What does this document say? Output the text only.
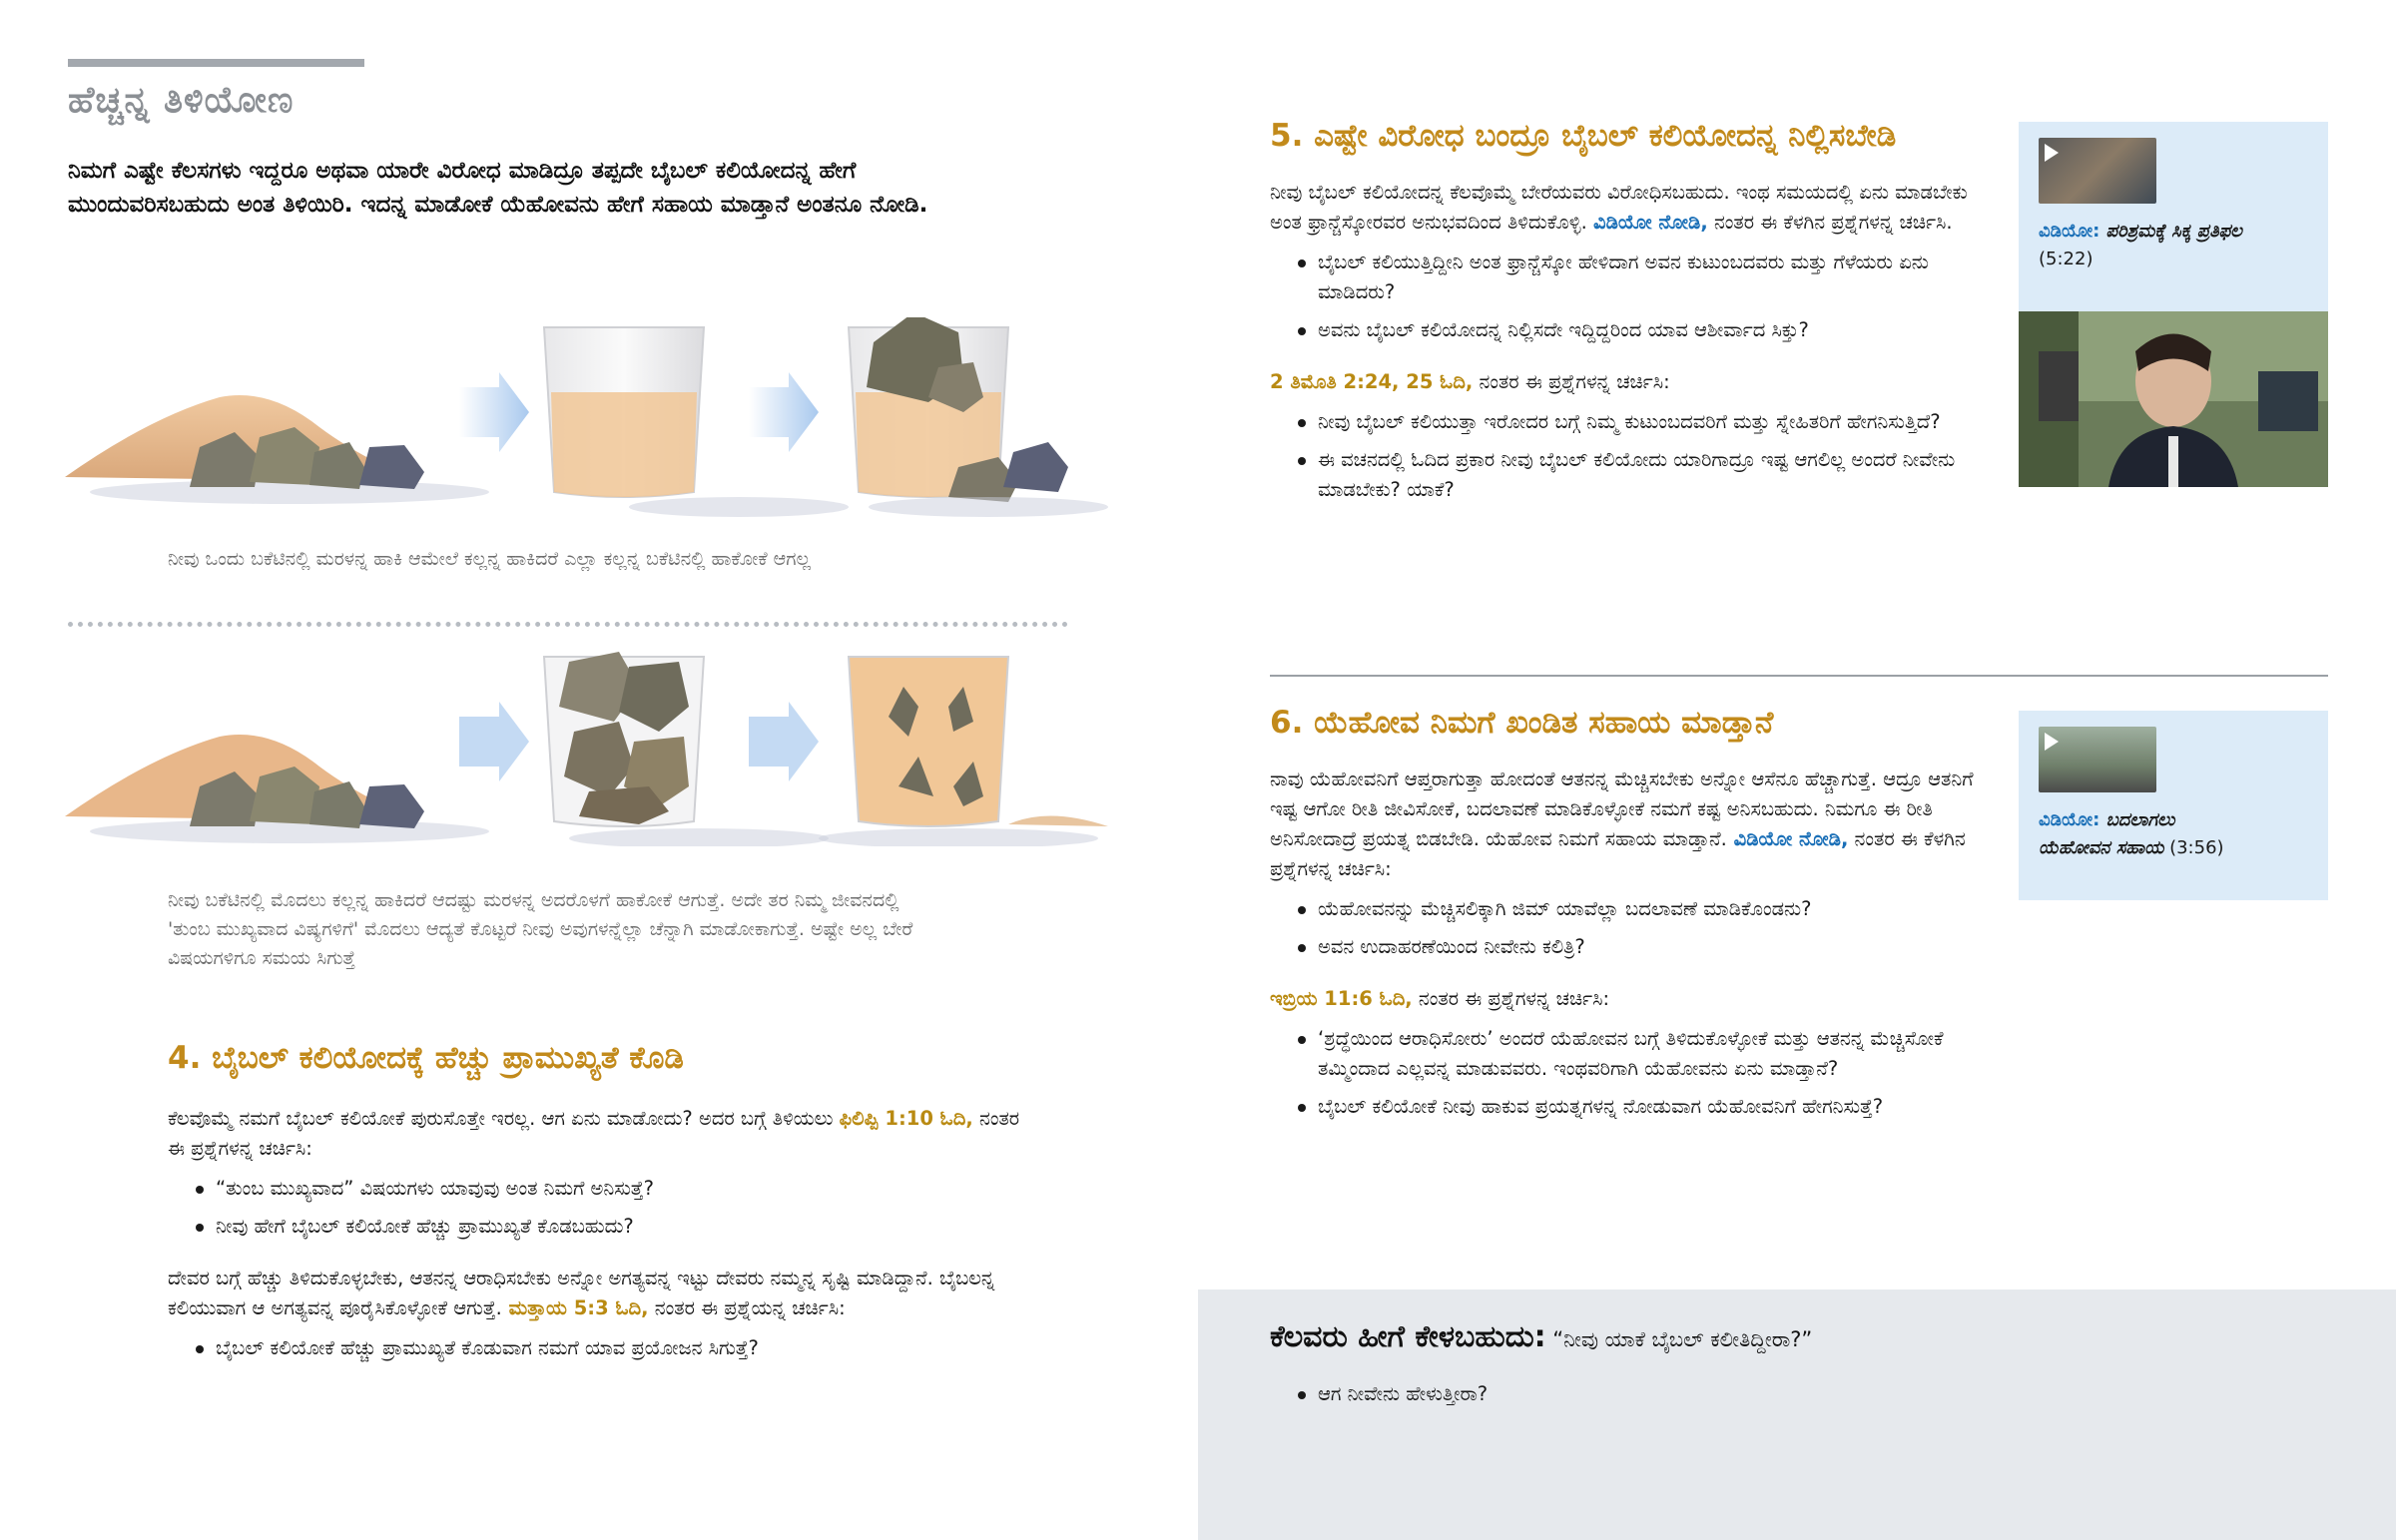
ಹೆಚ್ಚನ್ನ ತಿಳಿಯೋಣ
ನಿಮಗೆ ಎಷ್ಟೇ ಕೆಲಸಗಳು ಇದ್ದರೂ ಅಥವಾ ಯಾರೇ ವಿರೋಧ ಮಾಡಿದ್ರೂ ತಪ್ಪದೇ ಬೈಬಲ್ ಕಲಿಯೋದನ್ನ ಹೇಗೆ ಮುಂದುವರಿಸಬಹುದು ಅಂತ ತಿಳಿಯಿರಿ. ಇದನ್ನ ಮಾಡೋಕೆ ಯೆಹೋವನು ಹೇಗೆ ಸಹಾಯ ಮಾಡ್ತಾನೆ ಅಂತನೂ ನೋಡಿ.
ನೀವು ಒಂದು ಬಕೆಟಿನಲ್ಲಿ ಮರಳನ್ನ ಹಾಕಿ ಆಮೇಲೆ ಕಲ್ಲನ್ನ ಹಾಕಿದರೆ ಎಲ್ಲಾ ಕಲ್ಲನ್ನ ಬಕೆಟಿನಲ್ಲಿ ಹಾಕೋಕೆ ಆಗಲ್ಲ
ನೀವು ಬಕೆಟಿನಲ್ಲಿ ಮೊದಲು ಕಲ್ಲನ್ನ ಹಾಕಿದರೆ ಆದಷ್ಟು ಮರಳನ್ನ ಅದರೊಳಗೆ ಹಾಕೋಕೆ ಆಗುತ್ತೆ. ಅದೇ ತರ ನಿಮ್ಮ ಜೀವನದಲ್ಲಿ 'ತುಂಬ ಮುಖ್ಯವಾದ ವಿಷ್ಯಗಳಿಗೆ' ಮೊದಲು ಆದ್ಯತೆ ಕೊಟ್ಟರೆ ನೀವು ಅವುಗಳನ್ನೆಲ್ಲಾ ಚೆನ್ನಾಗಿ ಮಾಡೋಕಾಗುತ್ತೆ. ಅಷ್ಟೇ ಅಲ್ಲ ಬೇರೆ ವಿಷಯಗಳಿಗೂ ಸಮಯ ಸಿಗುತ್ತೆ
4. ಬೈಬಲ್ ಕಲಿಯೋದಕ್ಕೆ ಹೆಚ್ಚು ಪ್ರಾಮುಖ್ಯತೆ ಕೊಡಿ
ಕೆಲವೊಮ್ಮೆ ನಮಗೆ ಬೈಬಲ್ ಕಲಿಯೋಕೆ ಪುರುಸೊತ್ತೇ ಇರಲ್ಲ. ಆಗ ಏನು ಮಾಡೋದು? ಅದರ ಬಗ್ಗೆ ತಿಳಿಯಲು ಫಿಲಿಪ್ಪಿ 1:10 ಓದಿ, ನಂತರ ಈ ಪ್ರಶ್ನೆಗಳನ್ನ ಚರ್ಚಿಸಿ:
“ತುಂಬ ಮುಖ್ಯವಾದ” ವಿಷಯಗಳು ಯಾವುವು ಅಂತ ನಿಮಗೆ ಅನಿಸುತ್ತೆ?
ನೀವು ಹೇಗೆ ಬೈಬಲ್ ಕಲಿಯೋಕೆ ಹೆಚ್ಚು ಪ್ರಾಮುಖ್ಯತೆ ಕೊಡಬಹುದು?
ದೇವರ ಬಗ್ಗೆ ಹೆಚ್ಚು ತಿಳಿದುಕೊಳ್ಳಬೇಕು, ಆತನನ್ನ ಆರಾಧಿಸಬೇಕು ಅನ್ನೋ ಅಗತ್ಯವನ್ನ ಇಟ್ಟು ದೇವರು ನಮ್ಮನ್ನ ಸೃಷ್ಟಿ ಮಾಡಿದ್ದಾನೆ. ಬೈಬಲನ್ನ ಕಲಿಯುವಾಗ ಆ ಅಗತ್ಯವನ್ನ ಪೂರೈಸಿಕೊಳ್ಳೋಕೆ ಆಗುತ್ತೆ. ಮತ್ತಾಯ 5:3 ಓದಿ, ನಂತರ ಈ ಪ್ರಶ್ನೆಯನ್ನ ಚರ್ಚಿಸಿ:
ಬೈಬಲ್ ಕಲಿಯೋಕೆ ಹೆಚ್ಚು ಪ್ರಾಮುಖ್ಯತೆ ಕೊಡುವಾಗ ನಮಗೆ ಯಾವ ಪ್ರಯೋಜನ ಸಿಗುತ್ತೆ?
5. ಎಷ್ಟೇ ವಿರೋಧ ಬಂದ್ರೂ ಬೈಬಲ್ ಕಲಿಯೋದನ್ನ ನಿಲ್ಲಿಸಬೇಡಿ
ನೀವು ಬೈಬಲ್ ಕಲಿಯೋದನ್ನ ಕೆಲವೊಮ್ಮೆ ಬೇರೆಯವರು ವಿರೋಧಿಸಬಹುದು. ಇಂಥ ಸಮಯದಲ್ಲಿ ಏನು ಮಾಡಬೇಕು ಅಂತ ಫ್ರಾನ್ಚೆಸ್ಕೋರವರ ಅನುಭವದಿಂದ ತಿಳಿದುಕೊಳ್ಳಿ. ವಿಡಿಯೋ ನೋಡಿ, ನಂತರ ಈ ಕೆಳಗಿನ ಪ್ರಶ್ನೆಗಳನ್ನ ಚರ್ಚಿಸಿ.
ಬೈಬಲ್ ಕಲಿಯುತ್ತಿದ್ದೀನಿ ಅಂತ ಫ್ರಾನ್ಚೆಸ್ಕೋ ಹೇಳಿದಾಗ ಅವನ ಕುಟುಂಬದವರು ಮತ್ತು ಗೆಳೆಯರು ಏನು ಮಾಡಿದರು?
ಅವನು ಬೈಬಲ್ ಕಲಿಯೋದನ್ನ ನಿಲ್ಲಿಸದೇ ಇದ್ದಿದ್ದರಿಂದ ಯಾವ ಆಶೀರ್ವಾದ ಸಿಕ್ತು?
2 ತಿಮೊತಿ 2:24, 25 ಓದಿ, ನಂತರ ಈ ಪ್ರಶ್ನೆಗಳನ್ನ ಚರ್ಚಿಸಿ:
ನೀವು ಬೈಬಲ್ ಕಲಿಯುತ್ತಾ ಇರೋದರ ಬಗ್ಗೆ ನಿಮ್ಮ ಕುಟುಂಬದವರಿಗೆ ಮತ್ತು ಸ್ನೇಹಿತರಿಗೆ ಹೇಗನಿಸುತ್ತಿದೆ?
ಈ ವಚನದಲ್ಲಿ ಓದಿದ ಪ್ರಕಾರ ನೀವು ಬೈಬಲ್ ಕಲಿಯೋದು ಯಾರಿಗಾದ್ರೂ ಇಷ್ಟ ಆಗಲಿಲ್ಲ ಅಂದರೆ ನೀವೇನು ಮಾಡಬೇಕು? ಯಾಕೆ?
ವಿಡಿಯೋ: ಪರಿಶ್ರಮಕ್ಕೆ ಸಿಕ್ಕ ಪ್ರತಿಫಲ
(5:22)
6. ಯೆಹೋವ ನಿಮಗೆ ಖಂಡಿತ ಸಹಾಯ ಮಾಡ್ತಾನೆ
ನಾವು ಯೆಹೋವನಿಗೆ ಆಪ್ತರಾಗುತ್ತಾ ಹೋದಂತೆ ಆತನನ್ನ ಮೆಚ್ಚಿಸಬೇಕು ಅನ್ನೋ ಆಸೆನೂ ಹೆಚ್ಚಾಗುತ್ತೆ. ಆದ್ರೂ ಆತನಿಗೆ ಇಷ್ಟ ಆಗೋ ರೀತಿ ಜೀವಿಸೋಕೆ, ಬದಲಾವಣೆ ಮಾಡಿಕೊಳ್ಳೋಕೆ ನಮಗೆ ಕಷ್ಟ ಅನಿಸಬಹುದು. ನಿಮಗೂ ಈ ರೀತಿ ಅನಿಸೋದಾದ್ರೆ ಪ್ರಯತ್ನ ಬಿಡಬೇಡಿ. ಯೆಹೋವ ನಿಮಗೆ ಸಹಾಯ ಮಾಡ್ತಾನೆ. ವಿಡಿಯೋ ನೋಡಿ, ನಂತರ ಈ ಕೆಳಗಿನ ಪ್ರಶ್ನೆಗಳನ್ನ ಚರ್ಚಿಸಿ:
ಯೆಹೋವನನ್ನು ಮೆಚ್ಚಿಸಲಿಕ್ಕಾಗಿ ಜಿಮ್ ಯಾವೆಲ್ಲಾ ಬದಲಾವಣೆ ಮಾಡಿಕೊಂಡನು?
ಅವನ ಉದಾಹರಣೆಯಿಂದ ನೀವೇನು ಕಲಿತ್ರಿ?
ಇಬ್ರಿಯ 11:6 ಓದಿ, ನಂತರ ಈ ಪ್ರಶ್ನೆಗಳನ್ನ ಚರ್ಚಿಸಿ:
‘ಶ್ರದ್ಧೆಯಿಂದ ಆರಾಧಿಸೋರು’ ಅಂದರೆ ಯೆಹೋವನ ಬಗ್ಗೆ ತಿಳಿದುಕೊಳ್ಳೋಕೆ ಮತ್ತು ಆತನನ್ನ ಮೆಚ್ಚಿಸೋಕೆ ತಮ್ಮಿಂದಾದ ಎಲ್ಲವನ್ನ ಮಾಡುವವರು. ಇಂಥವರಿಗಾಗಿ ಯೆಹೋವನು ಏನು ಮಾಡ್ತಾನೆ?
ಬೈಬಲ್ ಕಲಿಯೋಕೆ ನೀವು ಹಾಕುವ ಪ್ರಯತ್ನಗಳನ್ನ ನೋಡುವಾಗ ಯೆಹೋವನಿಗೆ ಹೇಗನಿಸುತ್ತೆ?
ವಿಡಿಯೋ: ಬದಲಾಗಲು
ಯೆಹೋವನ ಸಹಾಯ (3:56)
ಕೆಲವರು ಹೀಗೆ ಕೇಳಬಹುದು: “ನೀವು ಯಾಕೆ ಬೈಬಲ್ ಕಲೀತಿದ್ದೀರಾ?”
ಆಗ ನೀವೇನು ಹೇಳುತ್ತೀರಾ?
